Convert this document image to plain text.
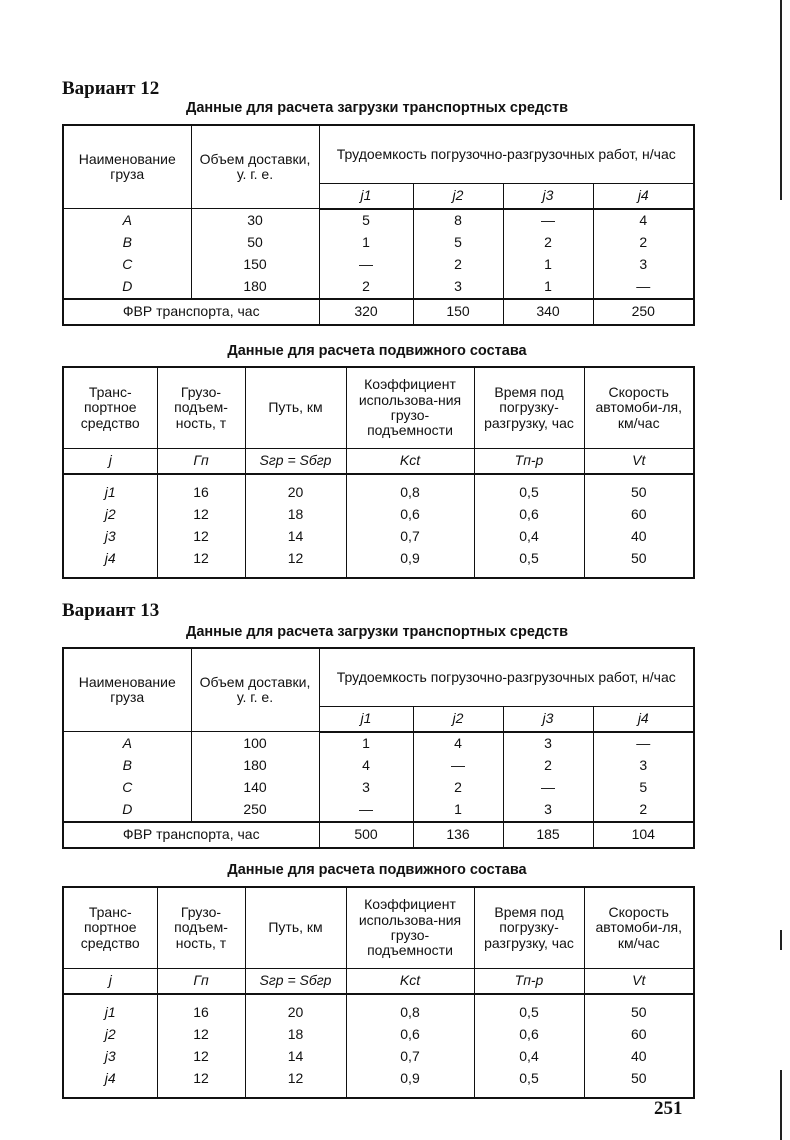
Вариант 12
Данные для расчета загрузки транспортных средств
Наименование груза	Объем доставки, у. г. е.	Трудоемкость погрузочно-разгрузочных работ, н/час			
		j1	j2	j3	j4
A	30	5	8	—	4
B	50	1	5	2	2
C	150	—	2	1	3
D	180	2	3	1	—
ФВР транспорта, час		320	150	340	250
Данные для расчета подвижного состава
Транс-портное средство	Грузо-подъем-ность, т	Путь, км	Коэффициент использова-ния грузо-подъемности	Время под погрузку-разгрузку, час	Скорость автомоби-ля, км/час
j	Гп	Sгр = Sбгр	Kct	Tп-р	Vt
j1	16	20	0,8	0,5	50
j2	12	18	0,6	0,6	60
j3	12	14	0,7	0,4	40
j4	12	12	0,9	0,5	50
Вариант 13
Данные для расчета загрузки транспортных средств
Наименование груза	Объем доставки, у. г. е.	Трудоемкость погрузочно-разгрузочных работ, н/час			
		j1	j2	j3	j4
A	100	1	4	3	—
B	180	4	—	2	3
C	140	3	2	—	5
D	250	—	1	3	2
ФВР транспорта, час		500	136	185	104
Данные для расчета подвижного состава
Транс-портное средство	Грузо-подъем-ность, т	Путь, км	Коэффициент использова-ния грузо-подъемности	Время под погрузку-разгрузку, час	Скорость автомоби-ля, км/час
j	Гп	Sгр = Sбгр	Kct	Tп-р	Vt
j1	16	20	0,8	0,5	50
j2	12	18	0,6	0,6	60
j3	12	14	0,7	0,4	40
j4	12	12	0,9	0,5	50
251
